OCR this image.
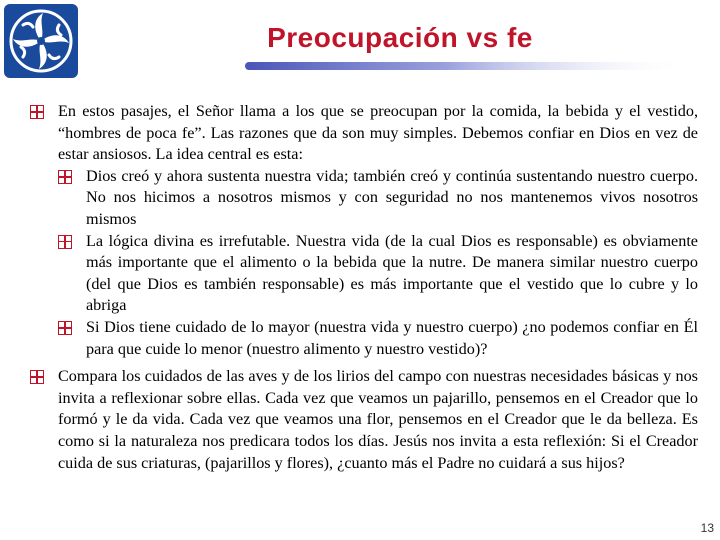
Preocupación vs fe
En estos pasajes, el Señor llama a los que se preocupan por la comida, la bebida y el vestido, “hombres de poca fe”. Las razones que da son muy simples. Debemos confiar en Dios en vez de estar ansiosos. La idea central es esta:
Dios creó y ahora sustenta nuestra vida; también creó y continúa sustentando nuestro cuerpo. No nos hicimos a nosotros mismos y con seguridad no nos mantenemos vivos nosotros mismos
La lógica divina es irrefutable. Nuestra vida (de la cual Dios es responsable) es obviamente más importante que el alimento o la bebida que la nutre. De manera similar nuestro cuerpo (del que Dios es también responsable) es más importante que el vestido que lo cubre y lo abriga
Si Dios tiene cuidado de lo mayor (nuestra vida y nuestro cuerpo) ¿no podemos confiar en Él para que cuide lo menor (nuestro alimento y nuestro vestido)?
Compara los cuidados de las aves y de los lirios del campo con nuestras necesidades básicas y nos invita a reflexionar sobre ellas. Cada vez que veamos un pajarillo, pensemos en el Creador que lo formó y le da vida. Cada vez que veamos una flor, pensemos en el Creador que le da belleza. Es como si la naturaleza nos predicara todos los días. Jesús nos invita a esta reflexión: Si el Creador cuida de sus criaturas, (pajarillos y flores), ¿cuanto más el Padre no cuidará a sus hijos?
13
